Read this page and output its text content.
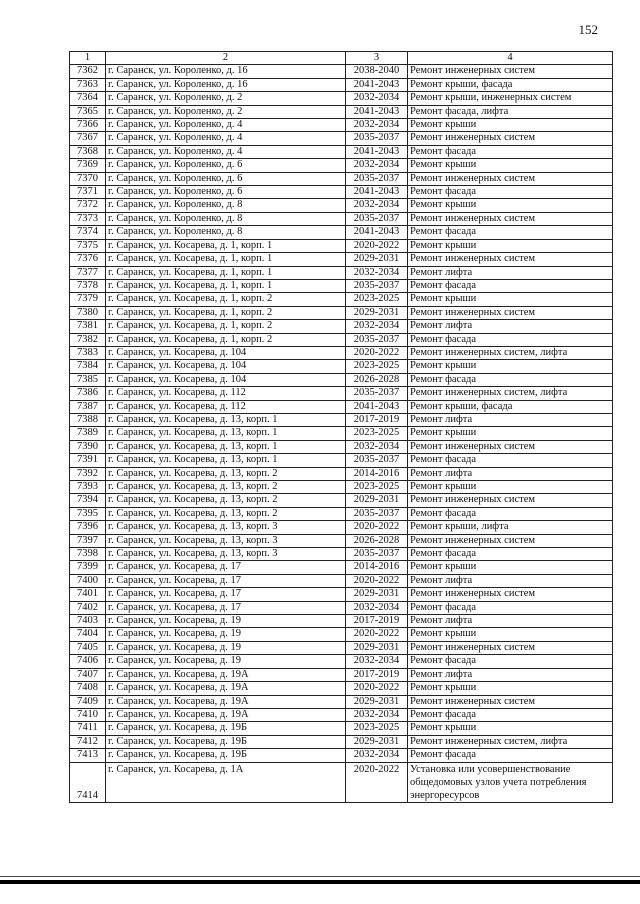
152
1	2	3	4
7362	г. Саранск, ул. Короленко, д. 16	2038-2040	Ремонт инженерных систем
7363	г. Саранск, ул. Короленко, д. 16	2041-2043	Ремонт крыши, фасада
7364	г. Саранск, ул. Короленко, д. 2	2032-2034	Ремонт крыши, инженерных систем
7365	г. Саранск, ул. Короленко, д. 2	2041-2043	Ремонт фасада, лифта
7366	г. Саранск, ул. Короленко, д. 4	2032-2034	Ремонт крыши
7367	г. Саранск, ул. Короленко, д. 4	2035-2037	Ремонт инженерных систем
7368	г. Саранск, ул. Короленко, д. 4	2041-2043	Ремонт фасада
7369	г. Саранск, ул. Короленко, д. 6	2032-2034	Ремонт крыши
7370	г. Саранск, ул. Короленко, д. 6	2035-2037	Ремонт инженерных систем
7371	г. Саранск, ул. Короленко, д. 6	2041-2043	Ремонт фасада
7372	г. Саранск, ул. Короленко, д. 8	2032-2034	Ремонт крыши
7373	г. Саранск, ул. Короленко, д. 8	2035-2037	Ремонт инженерных систем
7374	г. Саранск, ул. Короленко, д. 8	2041-2043	Ремонт фасада
7375	г. Саранск, ул. Косарева, д. 1, корп. 1	2020-2022	Ремонт крыши
7376	г. Саранск, ул. Косарева, д. 1, корп. 1	2029-2031	Ремонт инженерных систем
7377	г. Саранск, ул. Косарева, д. 1, корп. 1	2032-2034	Ремонт лифта
7378	г. Саранск, ул. Косарева, д. 1, корп. 1	2035-2037	Ремонт фасада
7379	г. Саранск, ул. Косарева, д. 1, корп. 2	2023-2025	Ремонт крыши
7380	г. Саранск, ул. Косарева, д. 1, корп. 2	2029-2031	Ремонт инженерных систем
7381	г. Саранск, ул. Косарева, д. 1, корп. 2	2032-2034	Ремонт лифта
7382	г. Саранск, ул. Косарева, д. 1, корп. 2	2035-2037	Ремонт фасада
7383	г. Саранск, ул. Косарева, д. 104	2020-2022	Ремонт инженерных систем, лифта
7384	г. Саранск, ул. Косарева, д. 104	2023-2025	Ремонт крыши
7385	г. Саранск, ул. Косарева, д. 104	2026-2028	Ремонт фасада
7386	г. Саранск, ул. Косарева, д. 112	2035-2037	Ремонт инженерных систем, лифта
7387	г. Саранск, ул. Косарева, д. 112	2041-2043	Ремонт крыши, фасада
7388	г. Саранск, ул. Косарева, д. 13, корп. 1	2017-2019	Ремонт лифта
7389	г. Саранск, ул. Косарева, д. 13, корп. 1	2023-2025	Ремонт крыши
7390	г. Саранск, ул. Косарева, д. 13, корп. 1	2032-2034	Ремонт инженерных систем
7391	г. Саранск, ул. Косарева, д. 13, корп. 1	2035-2037	Ремонт фасада
7392	г. Саранск, ул. Косарева, д. 13, корп. 2	2014-2016	Ремонт лифта
7393	г. Саранск, ул. Косарева, д. 13, корп. 2	2023-2025	Ремонт крыши
7394	г. Саранск, ул. Косарева, д. 13, корп. 2	2029-2031	Ремонт инженерных систем
7395	г. Саранск, ул. Косарева, д. 13, корп. 2	2035-2037	Ремонт фасада
7396	г. Саранск, ул. Косарева, д. 13, корп. 3	2020-2022	Ремонт крыши, лифта
7397	г. Саранск, ул. Косарева, д. 13, корп. 3	2026-2028	Ремонт инженерных систем
7398	г. Саранск, ул. Косарева, д. 13, корп. 3	2035-2037	Ремонт фасада
7399	г. Саранск, ул. Косарева, д. 17	2014-2016	Ремонт крыши
7400	г. Саранск, ул. Косарева, д. 17	2020-2022	Ремонт лифта
7401	г. Саранск, ул. Косарева, д. 17	2029-2031	Ремонт инженерных систем
7402	г. Саранск, ул. Косарева, д. 17	2032-2034	Ремонт фасада
7403	г. Саранск, ул. Косарева, д. 19	2017-2019	Ремонт лифта
7404	г. Саранск, ул. Косарева, д. 19	2020-2022	Ремонт крыши
7405	г. Саранск, ул. Косарева, д. 19	2029-2031	Ремонт инженерных систем
7406	г. Саранск, ул. Косарева, д. 19	2032-2034	Ремонт фасада
7407	г. Саранск, ул. Косарева, д. 19А	2017-2019	Ремонт лифта
7408	г. Саранск, ул. Косарева, д. 19А	2020-2022	Ремонт крыши
7409	г. Саранск, ул. Косарева, д. 19А	2029-2031	Ремонт инженерных систем
7410	г. Саранск, ул. Косарева, д. 19А	2032-2034	Ремонт фасада
7411	г. Саранск, ул. Косарева, д. 19Б	2023-2025	Ремонт крыши
7412	г. Саранск, ул. Косарева, д. 19Б	2029-2031	Ремонт инженерных систем, лифта
7413	г. Саранск, ул. Косарева, д. 19Б	2032-2034	Ремонт фасада
7414	г. Саранск, ул. Косарева, д. 1А	2020-2022	Установка или усовершенствование общедомовых узлов учета потребления энергоресурсов
